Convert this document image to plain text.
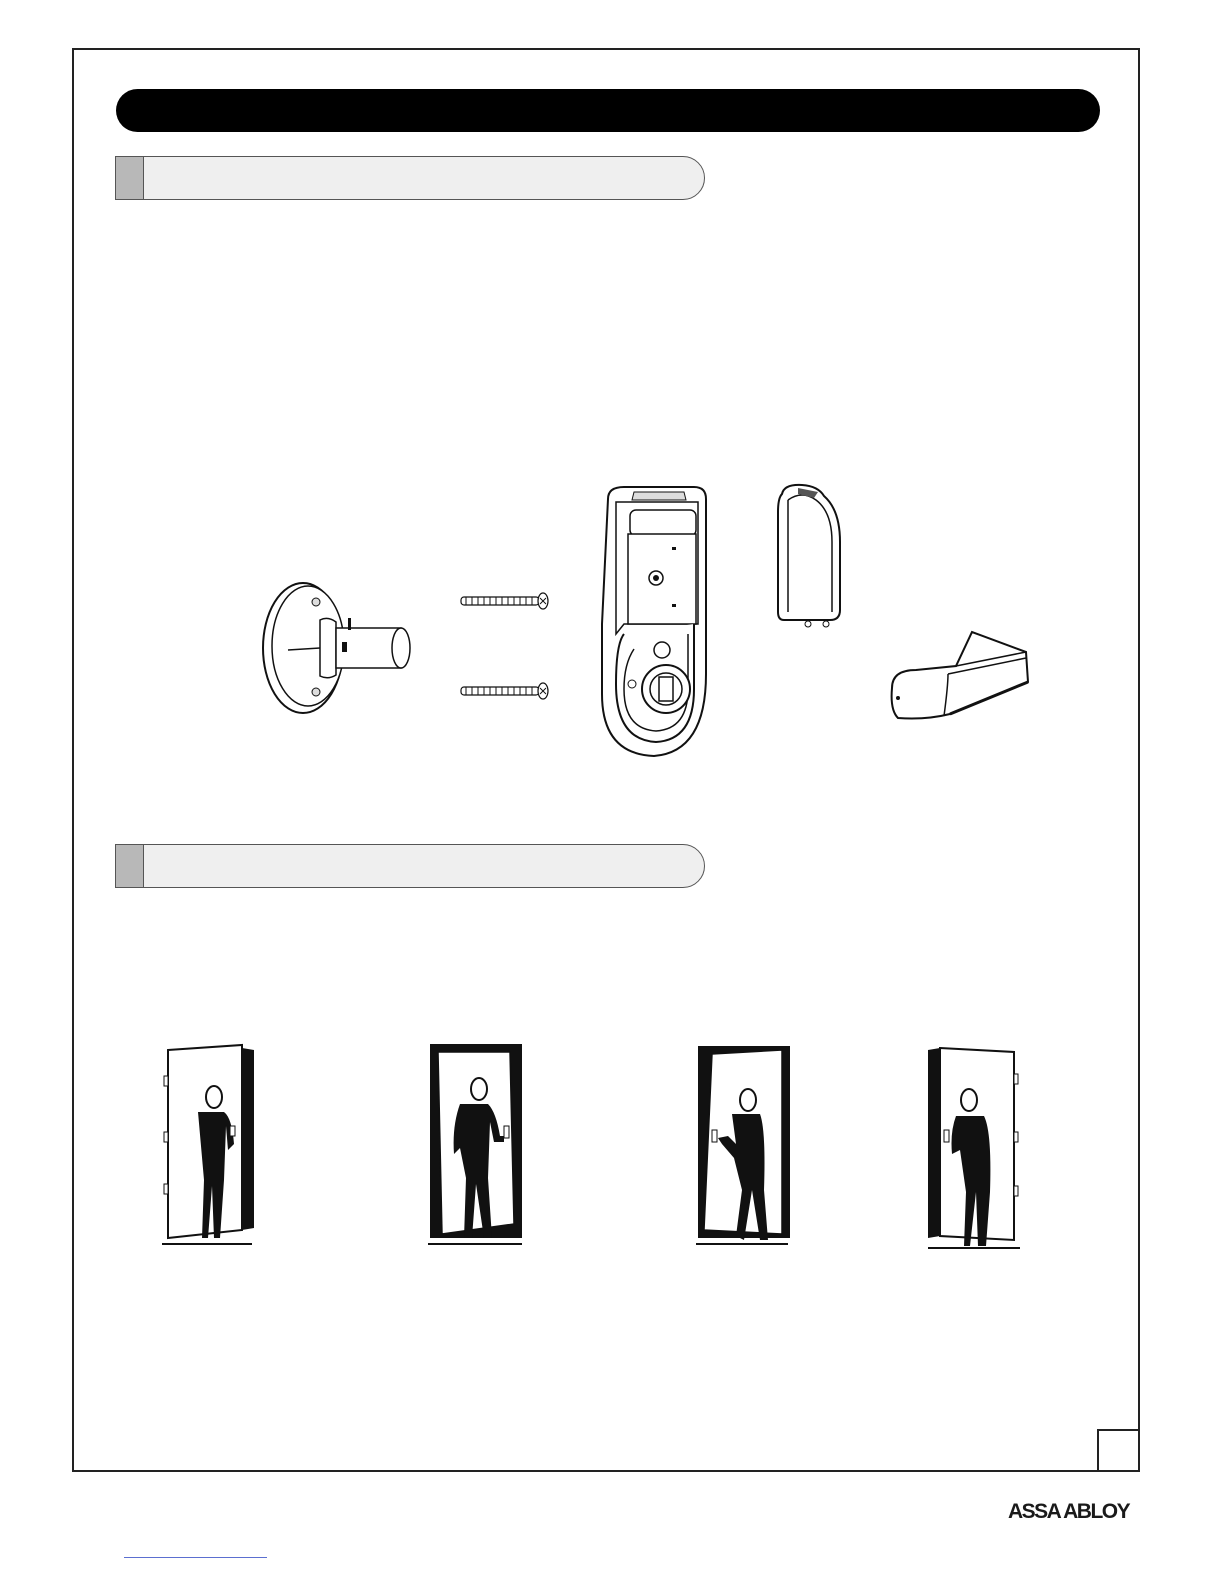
ASSA ABLOY
